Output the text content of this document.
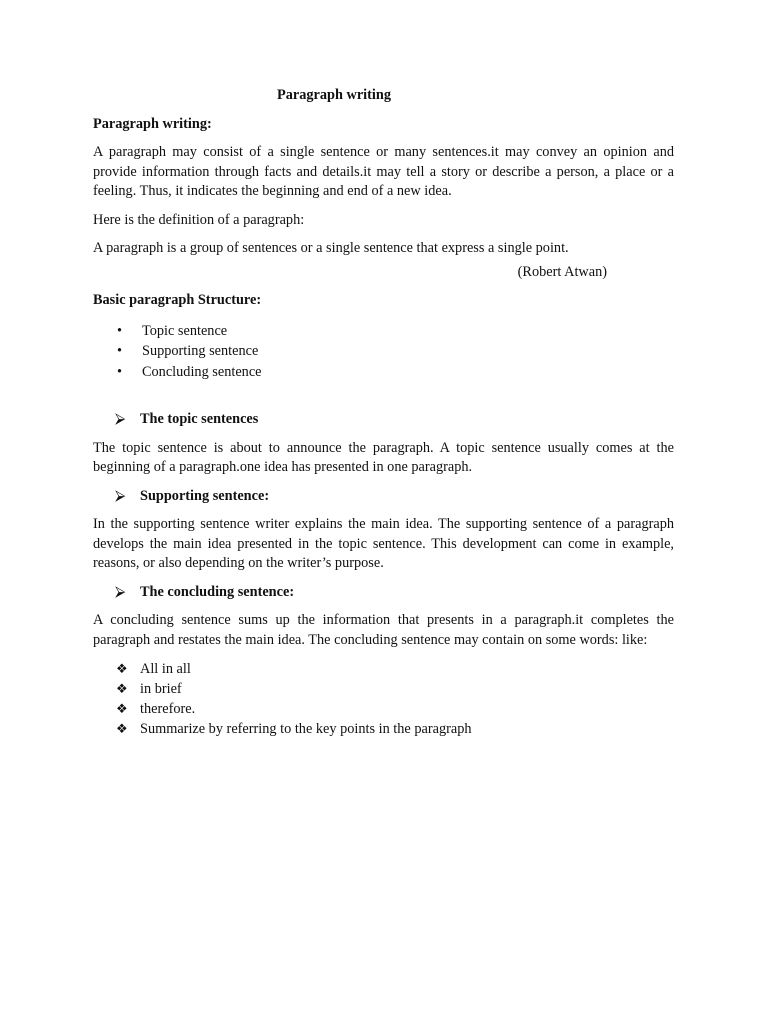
Paragraph writing
Paragraph writing:

A paragraph may consist of a single sentence or many sentences.it may convey an opinion and provide information through facts and details.it may tell a story or describe a person, a place or a feeling. Thus, it indicates the beginning and end of a new idea.

Here is the definition of a paragraph:

A paragraph is a group of sentences or a single sentence that express a single point.

(Robert Atwan)
Basic paragraph Structure:
• Topic sentence
• Supporting sentence
• Concluding sentence
⮚ The topic sentences

The topic sentence is about to announce the paragraph. A topic sentence usually comes at the beginning of a paragraph.one idea has presented in one paragraph.

⮚ Supporting sentence:

In the supporting sentence writer explains the main idea. The supporting sentence of a paragraph develops the main idea presented in the topic sentence. This development can come in example, reasons, or also depending on the writer’s purpose.

⮚ The concluding sentence:

A concluding sentence sums up the information that presents in a paragraph.it completes the paragraph and restates the main idea. The concluding sentence may contain on some words: like:

❖ All in all
❖ in brief
❖ therefore.
❖ Summarize by referring to the key points in the paragraph
